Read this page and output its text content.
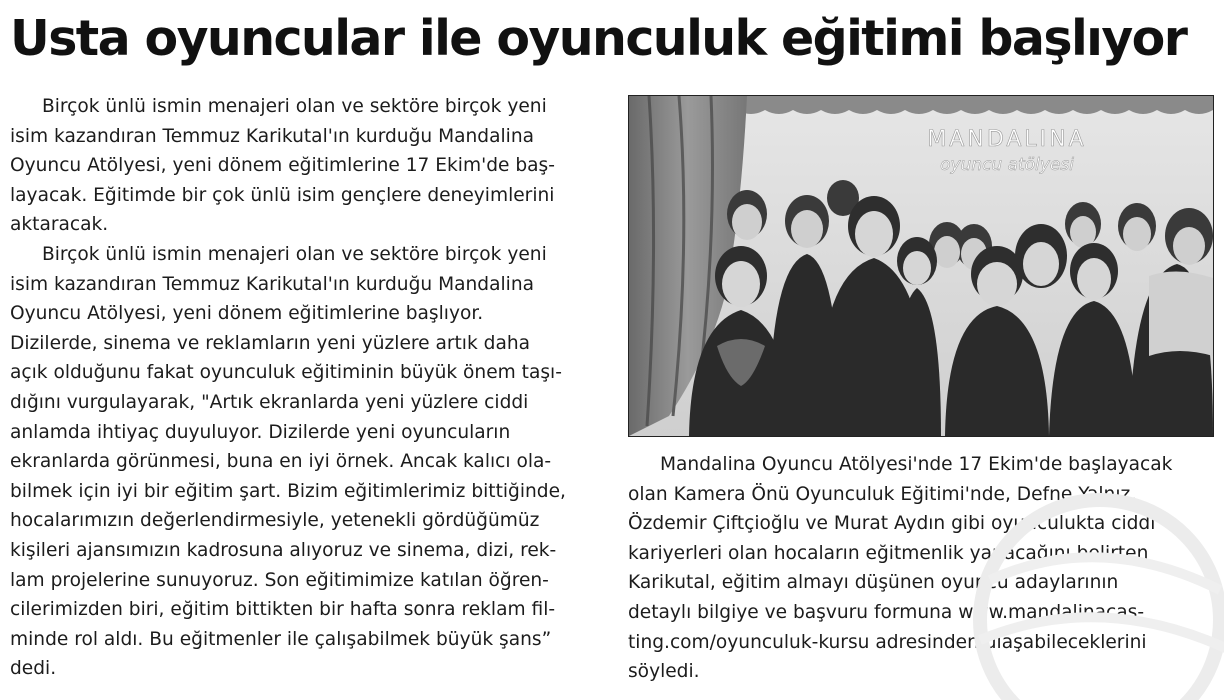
Usta oyuncular ile oyunculuk eğitimi başlıyor

Birçok ünlü ismin menajeri olan ve sektöre birçok yeni
isim kazandıran Temmuz Karikutal'ın kurduğu Mandalina
Oyuncu Atölyesi, yeni dönem eğitimlerine 17 Ekim'de baş-
layacak. Eğitimde bir çok ünlü isim gençlere deneyimlerini
aktaracak.

Birçok ünlü ismin menajeri olan ve sektöre birçok yeni
isim kazandıran Temmuz Karikutal'ın kurduğu Mandalina
Oyuncu Atölyesi, yeni dönem eğitimlerine başlıyor.
Dizilerde, sinema ve reklamların yeni yüzlere artık daha
açık olduğunu fakat oyunculuk eğitiminin büyük önem taşı-
dığını vurgulayarak, "Artık ekranlarda yeni yüzlere ciddi
anlamda ihtiyaç duyuluyor. Dizilerde yeni oyuncuların
ekranlarda görünmesi, buna en iyi örnek. Ancak kalıcı ola-
bilmek için iyi bir eğitim şart. Bizim eğitimlerimiz bittiğinde,
hocalarımızın değerlendirmesiyle, yetenekli gördüğümüz
kişileri ajansımızın kadrosuna alıyoruz ve sinema, dizi, rek-
lam projelerine sunuyoruz. Son eğitimimize katılan öğren-
cilerimizden biri, eğitim bittikten bir hafta sonra reklam fil-
minde rol aldı. Bu eğitmenler ile çalışabilmek büyük şans”
dedi.

MANDALINA
oyuncu atölyesi
Mandalina Oyuncu Atölyesi'nde 17 Ekim'de başlayacak
olan Kamera Önü Oyunculuk Eğitimi'nde, Defne Yalnız,
Özdemir Çiftçioğlu ve Murat Aydın gibi oyunculukta ciddi
kariyerleri olan hocaların eğitmenlik yapacağını belirten
Karikutal, eğitim almayı düşünen oyuncu adaylarının
detaylı bilgiye ve başvuru formuna www.mandalinacas-
ting.com/oyunculuk-kursu adresinden ulaşabileceklerini
söyledi.
